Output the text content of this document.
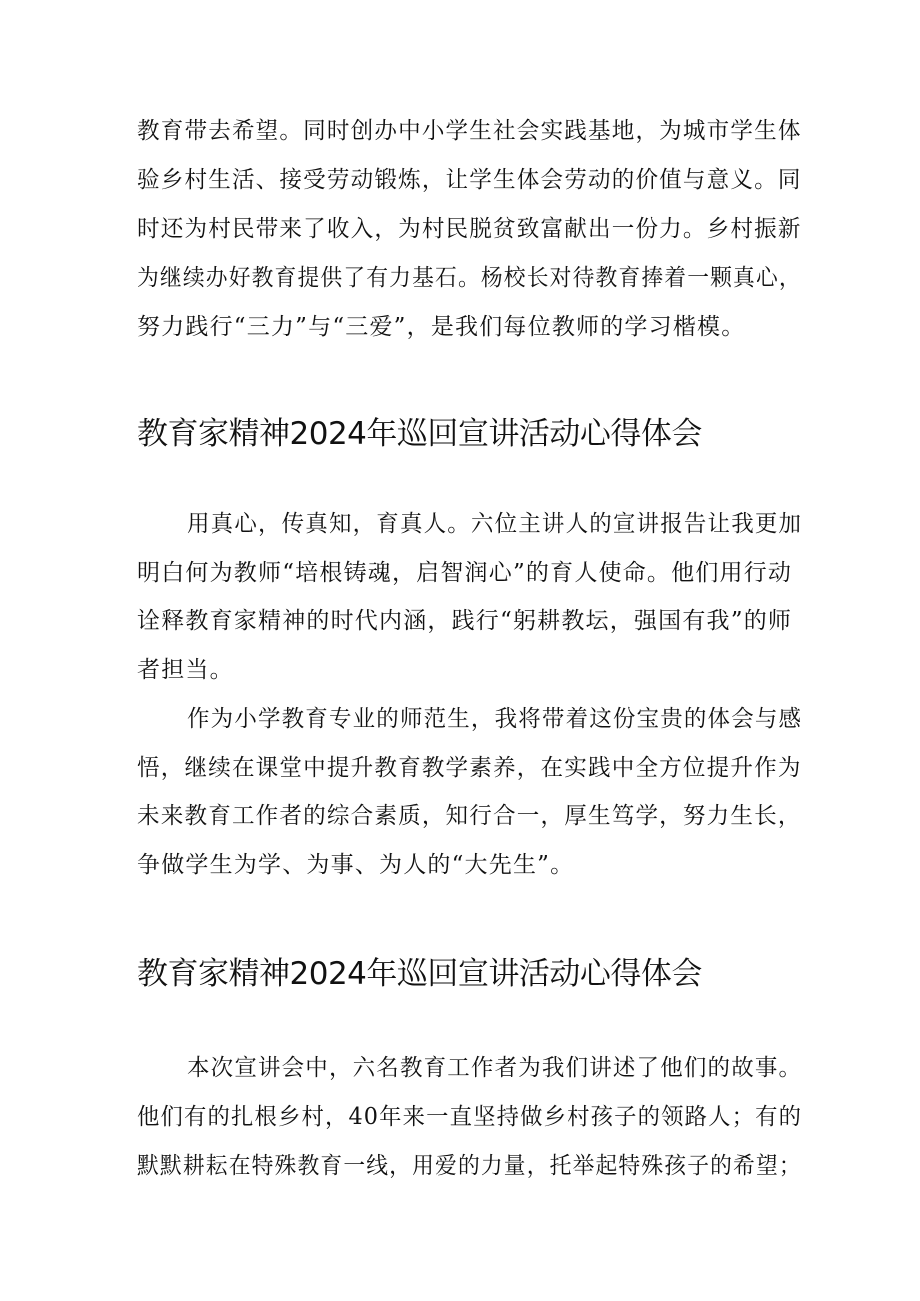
教育带去希望。同时创办中小学生社会实践基地，为城市学生体
验乡村生活、接受劳动锻炼，让学生体会劳动的价值与意义。同
时还为村民带来了收入，为村民脱贫致富献出一份力。乡村振新
为继续办好教育提供了有力基石。杨校长对待教育捧着一颗真心，
努力践行“三力”与“三爱”，是我们每位教师的学习楷模。
教育家精神2024年巡回宣讲活动心得体会
用真心，传真知，育真人。六位主讲人的宣讲报告让我更加
明白何为教师“培根铸魂，启智润心”的育人使命。他们用行动
诠释教育家精神的时代内涵，践行“躬耕教坛，强国有我”的师
者担当。
作为小学教育专业的师范生，我将带着这份宝贵的体会与感
悟，继续在课堂中提升教育教学素养，在实践中全方位提升作为
未来教育工作者的综合素质，知行合一，厚生笃学，努力生长，
争做学生为学、为事、为人的“大先生”。
教育家精神2024年巡回宣讲活动心得体会
本次宣讲会中，六名教育工作者为我们讲述了他们的故事。
他们有的扎根乡村，40年来一直坚持做乡村孩子的领路人；有的
默默耕耘在特殊教育一线，用爱的力量，托举起特殊孩子的希望；
